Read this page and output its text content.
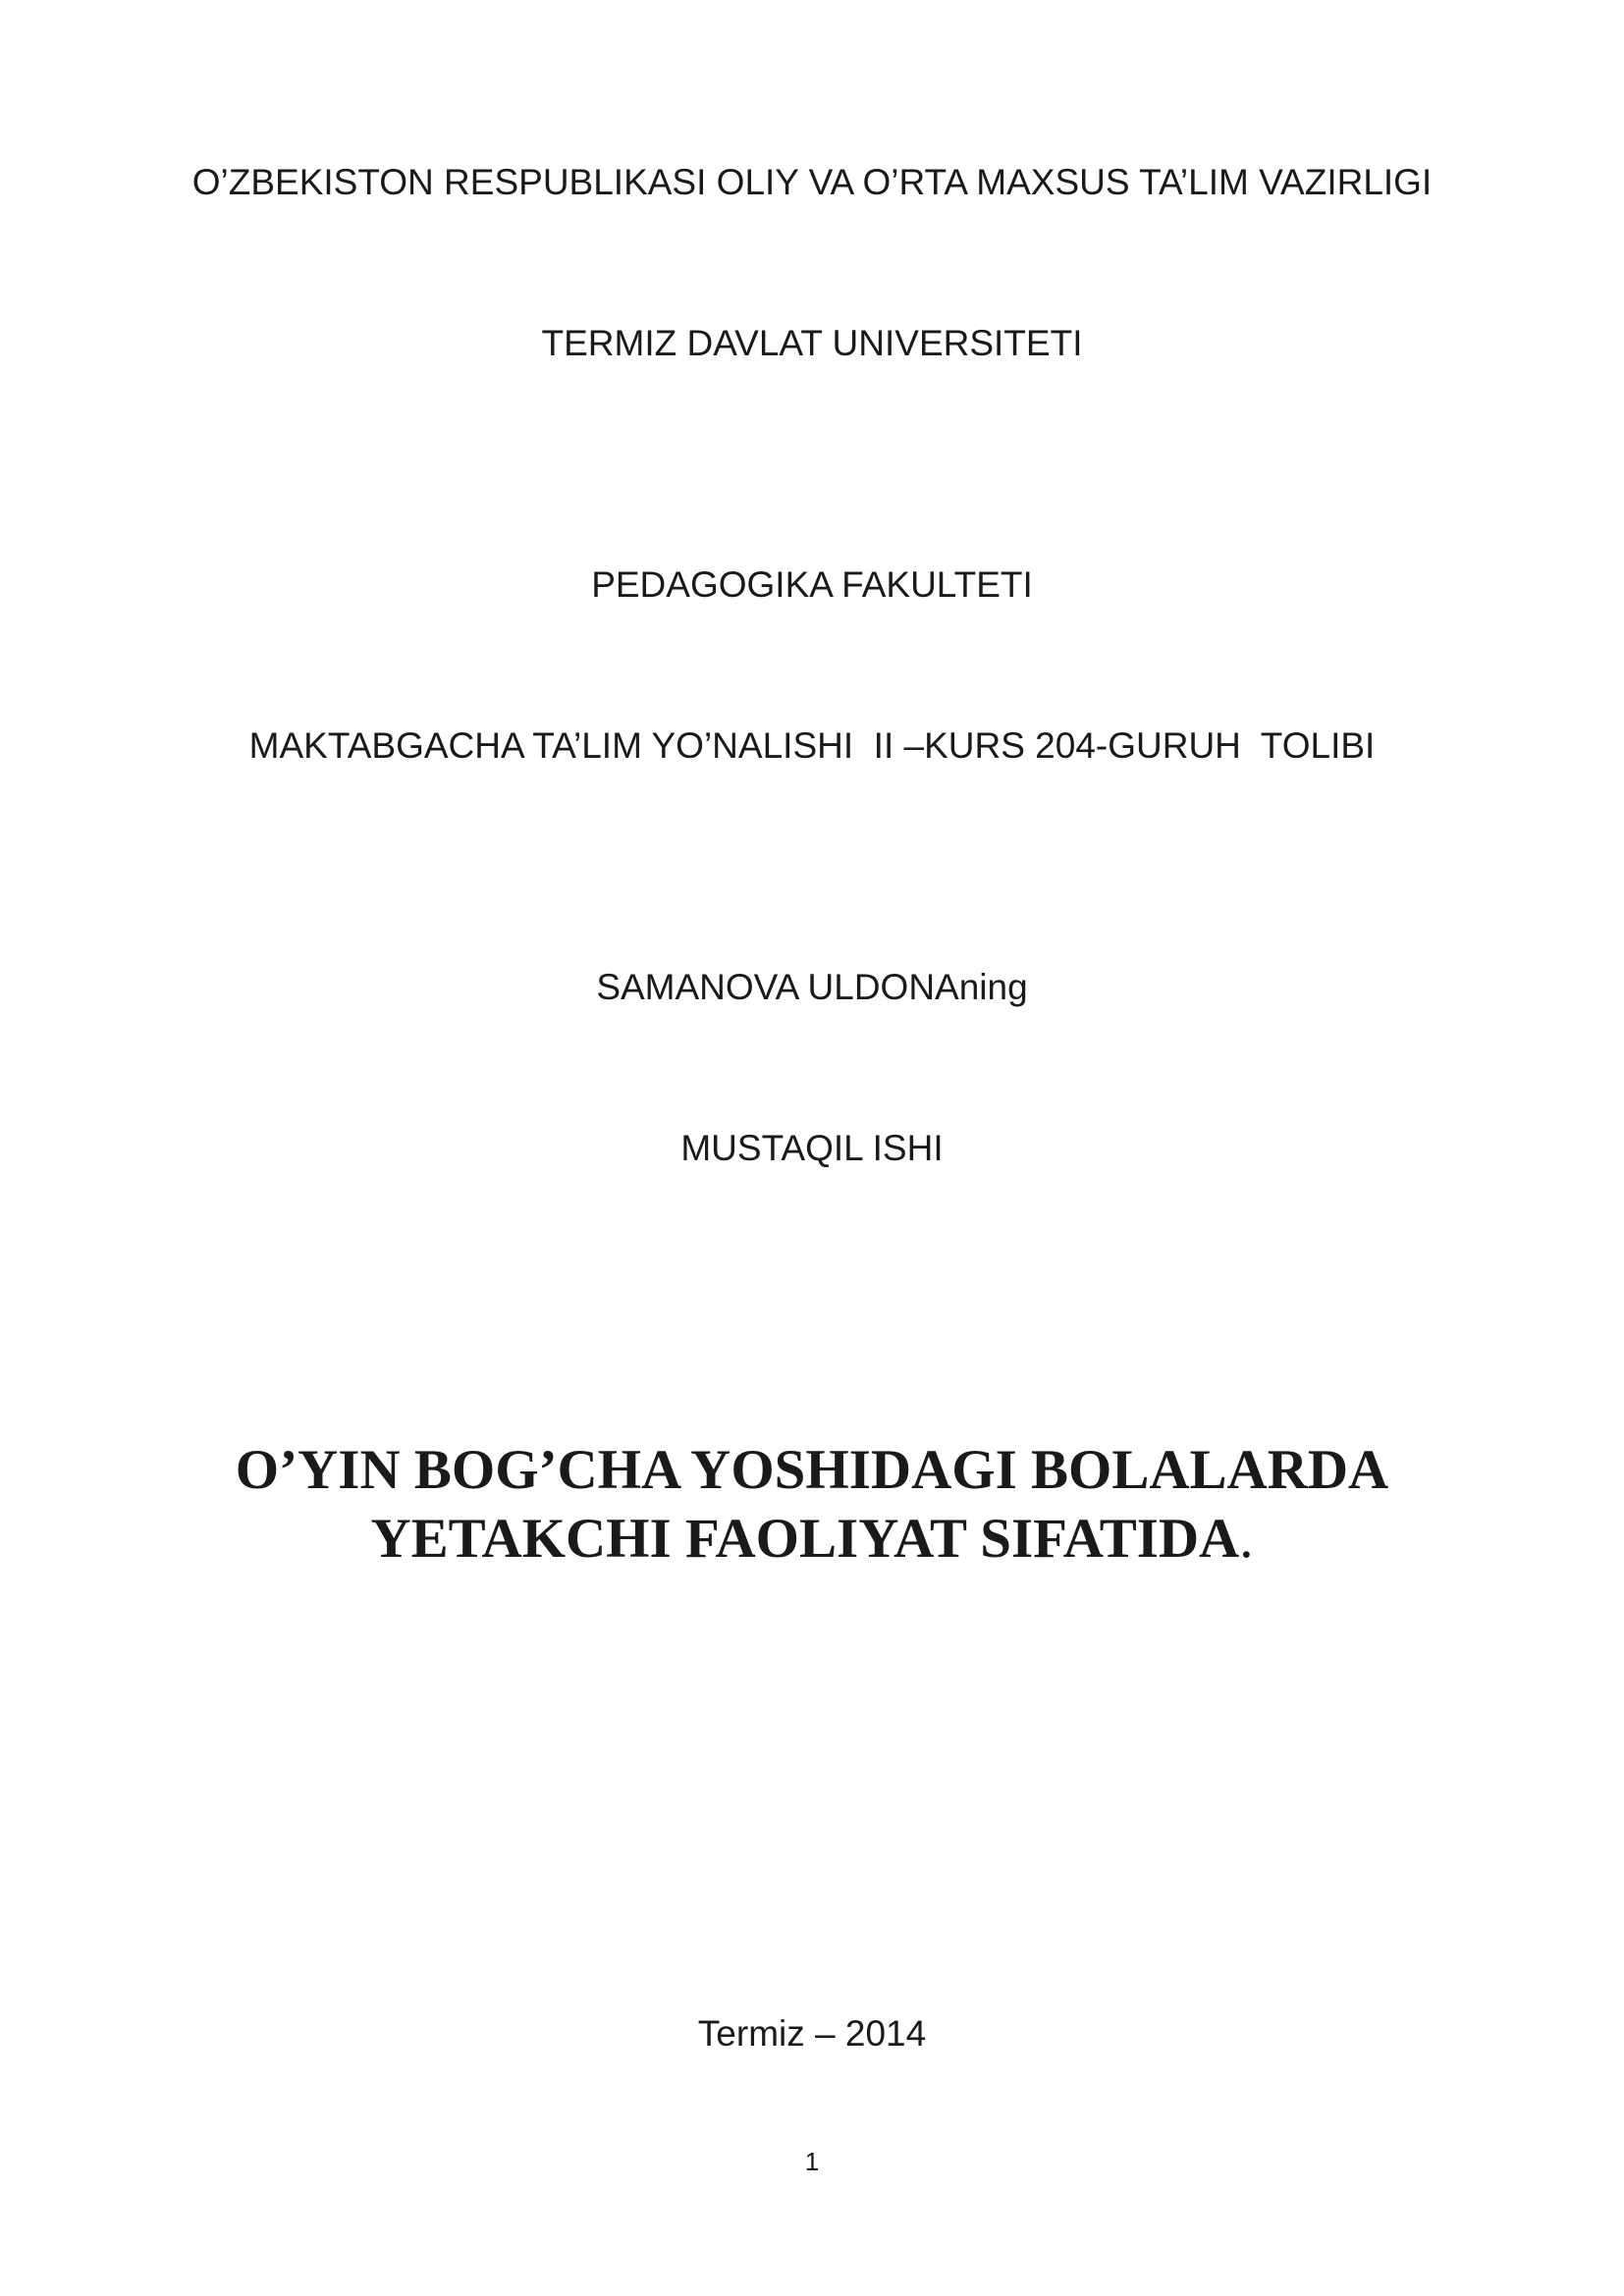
O’ZBEKISTON RESPUBLIKASI OLIY VA O’RTA MAXSUS TA’LIM VAZIRLIGI
TERMIZ DAVLAT UNIVERSITETI
PEDAGOGIKA FAKULTETI
MAKTABGACHA TA’LIM YO’NALISHI  II –KURS 204-GURUH  TOLIBI
SAMANOVA ULDONAning
MUSTAQIL ISHI
O’YIN BOG’CHA YOSHIDAGI BOLALARDA
YETAKCHI FAOLIYAT SIFATIDA.
Termiz – 2014
1
